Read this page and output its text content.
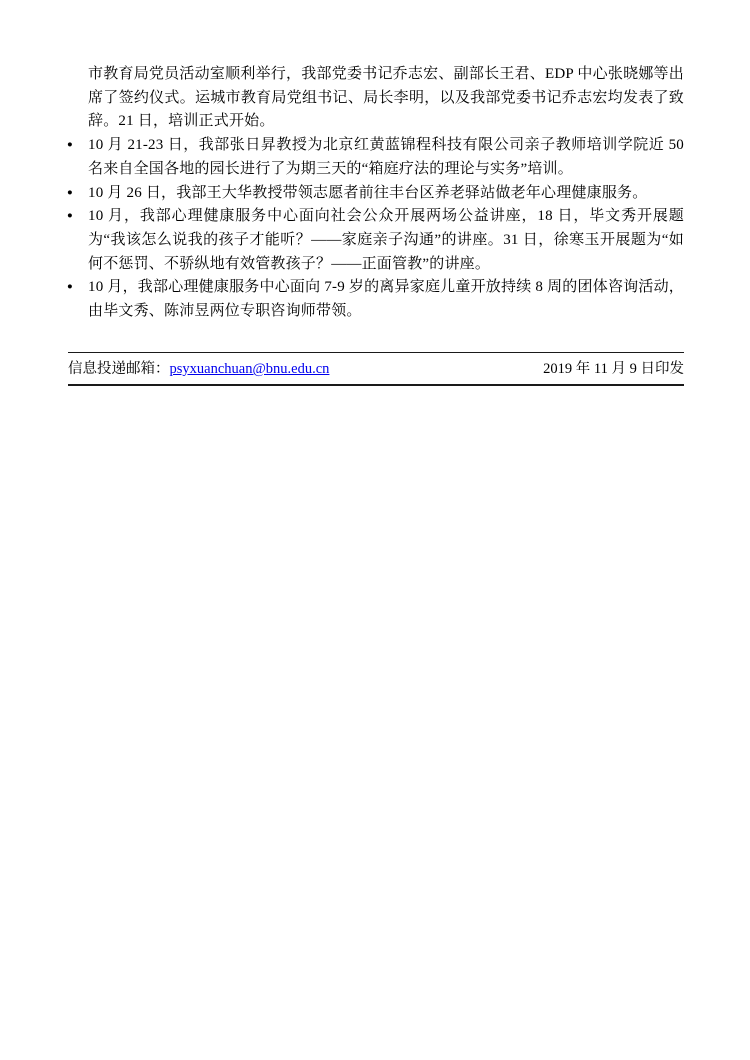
市教育局党员活动室顺利举行，我部党委书记乔志宏、副部长王君、EDP 中心张晓娜等出席了签约仪式。运城市教育局党组书记、局长李明，以及我部党委书记乔志宏均发表了致辞。21 日，培训正式开始。

●	10 月 21-23 日，我部张日昇教授为北京红黄蓝锦程科技有限公司亲子教师培训学院近 50 名来自全国各地的园长进行了为期三天的“箱庭疗法的理论与实务”培训。

●	10 月 26 日，我部王大华教授带领志愿者前往丰台区养老驿站做老年心理健康服务。

●	10 月，我部心理健康服务中心面向社会公众开展两场公益讲座，18 日，毕文秀开展题为“我该怎么说我的孩子才能听？——家庭亲子沟通”的讲座。31 日，徐寒玉开展题为“如何不惩罚、不骄纵地有效管教孩子？——正面管教”的讲座。

●	10 月，我部心理健康服务中心面向 7-9 岁的离异家庭儿童开放持续 8 周的团体咨询活动，由毕文秀、陈沛昱两位专职咨询师带领。

信息投递邮箱：psyxuanchuan@bnu.edu.cn	2019 年 11 月 9 日印发
